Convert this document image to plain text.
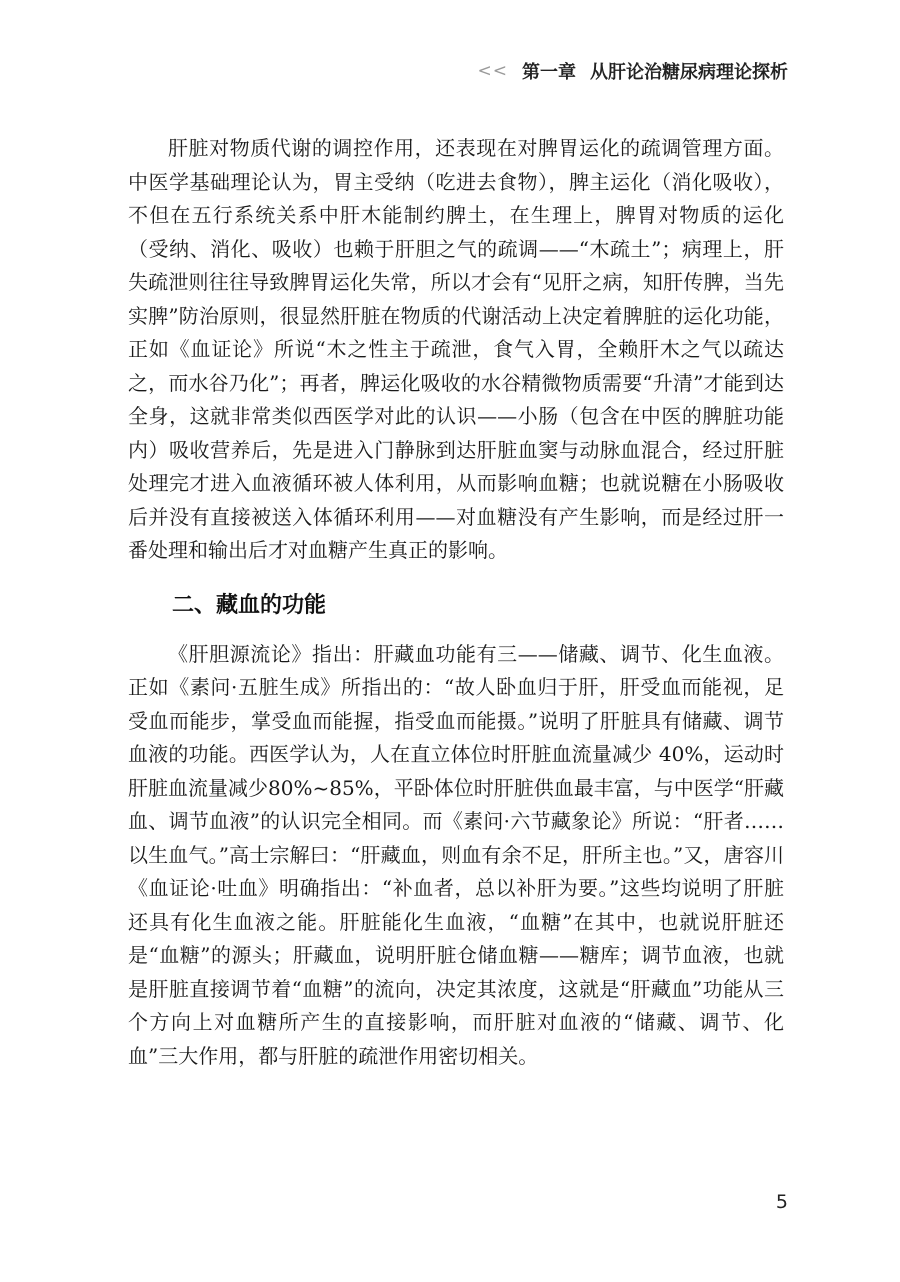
<< 第一章 从肝论治糖尿病理论探析

肝脏对物质代谢的调控作用，还表现在对脾胃运化的疏调管理方面。中医学基础理论认为，胃主受纳（吃进去食物），脾主运化（消化吸收），不但在五行系统关系中肝木能制约脾土，在生理上，脾胃对物质的运化（受纳、消化、吸收）也赖于肝胆之气的疏调——“木疏土”；病理上，肝失疏泄则往往导致脾胃运化失常，所以才会有“见肝之病，知肝传脾，当先实脾”防治原则，很显然肝脏在物质的代谢活动上决定着脾脏的运化功能，正如《血证论》所说“木之性主于疏泄，食气入胃，全赖肝木之气以疏达之，而水谷乃化”；再者，脾运化吸收的水谷精微物质需要“升清”才能到达全身，这就非常类似西医学对此的认识——小肠（包含在中医的脾脏功能内）吸收营养后，先是进入门静脉到达肝脏血窦与动脉血混合，经过肝脏处理完才进入血液循环被人体利用，从而影响血糖；也就说糖在小肠吸收后并没有直接被送入体循环利用——对血糖没有产生影响，而是经过肝一番处理和输出后才对血糖产生真正的影响。

二、藏血的功能

《肝胆源流论》指出：肝藏血功能有三——储藏、调节、化生血液。正如《素问·五脏生成》所指出的：“故人卧血归于肝，肝受血而能视，足受血而能步，掌受血而能握，指受血而能摄。”说明了肝脏具有储藏、调节血液的功能。西医学认为，人在直立体位时肝脏血流量减少 40%，运动时肝脏血流量减少80%~85%，平卧体位时肝脏供血最丰富，与中医学“肝藏血、调节血液”的认识完全相同。而《素问·六节藏象论》所说：“肝者……以生血气。”高士宗解曰：“肝藏血，则血有余不足，肝所主也。”又，唐容川《血证论·吐血》明确指出：“补血者，总以补肝为要。”这些均说明了肝脏还具有化生血液之能。肝脏能化生血液，“血糖”在其中，也就说肝脏还是“血糖”的源头；肝藏血，说明肝脏仓储血糖——糖库；调节血液，也就是肝脏直接调节着“血糖”的流向，决定其浓度，这就是“肝藏血”功能从三个方向上对血糖所产生的直接影响，而肝脏对血液的“储藏、调节、化血”三大作用，都与肝脏的疏泄作用密切相关。

5
